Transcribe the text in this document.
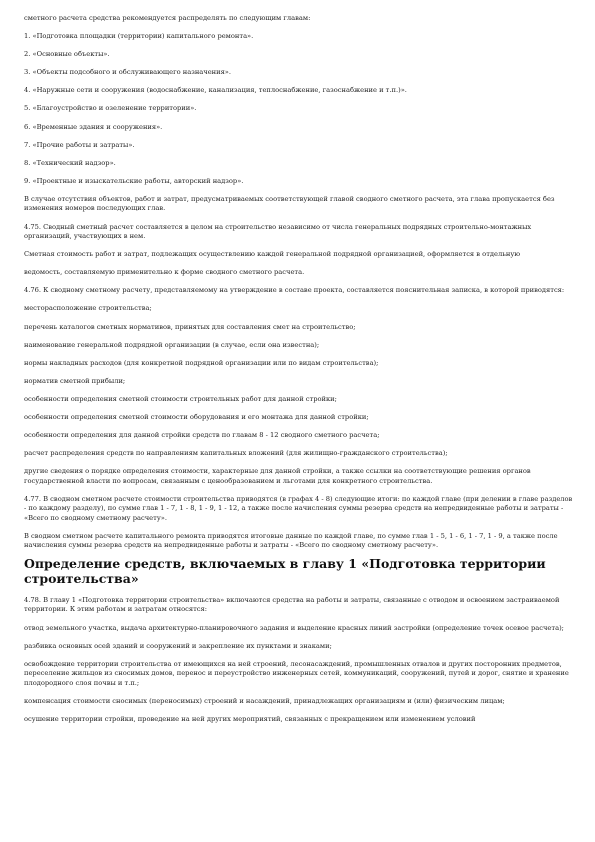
сметного расчета средства рекомендуется распределять по следующим главам:

1. «Подготовка площадки (территории) капитального ремонта».

2. «Основные объекты».

3. «Объекты подсобного и обслуживающего назначения».

4. «Наружные сети и сооружения (водоснабжение, канализация, теплоснабжение, газоснабжение и т.п.)».

5. «Благоустройство и озеленение территории».

6. «Временные здания и сооружения».

7. «Прочие работы и затраты».

8. «Технический надзор».

9. «Проектные и изыскательские работы, авторский надзор».

В случае отсутствия объектов, работ и затрат, предусматриваемых соответствующей главой сводного сметного расчета, эта глава пропускается без изменения номеров последующих глав.

4.75. Сводный сметный расчет составляется в целом на строительство независимо от числа генеральных подрядных строительно-монтажных организаций, участвующих в нем.

Сметная стоимость работ и затрат, подлежащих осуществлению каждой генеральной подрядной организацией, оформляется в отдельную

ведомость, составляемую применительно к форме сводного сметного расчета.

4.76. К сводному сметному расчету, представляемому на утверждение в составе проекта, составляется пояснительная записка, в которой приводятся:

месторасположение строительства;

перечень каталогов сметных нормативов, принятых для составления смет на строительство;

наименование генеральной подрядной организации (в случае, если она известна);

нормы накладных расходов (для конкретной подрядной организации или по видам строительства);

норматив сметной прибыли;

особенности определения сметной стоимости строительных работ для данной стройки;

особенности определения сметной стоимости оборудования и его монтажа для данной стройки;

особенности определения для данной стройки средств по главам 8 - 12 сводного сметного расчета;

расчет распределения средств по направлениям капитальных вложений (для жилищно-гражданского строительства);

другие сведения о порядке определения стоимости, характерные для данной стройки, а также ссылки на соответствующие решения органов государственной власти по вопросам, связанным с ценообразованием и льготами для конкретного строительства.

4.77. В сводном сметном расчете стоимости строительства приводятся (в графах 4 - 8) следующие итоги: по каждой главе (при делении в главе разделов - по каждому разделу), по сумме глав 1 - 7, 1 - 8, 1 - 9, 1 - 12, а также после начисления суммы резерва средств на непредвиденные работы и затраты - «Всего по сводному сметному расчету».

В сводном сметном расчете капитального ремонта приводятся итоговые данные по каждой главе, по сумме глав 1 - 5, 1 - 6, 1 - 7, 1 - 9, а также после начисления суммы резерва средств на непредвиденные работы и затраты - «Всего по сводному сметному расчету».

Определение средств, включаемых в главу 1 «Подготовка территории строительства»

4.78. В главу 1 «Подготовка территории строительства» включаются средства на работы и затраты, связанные с отводом и освоением застраиваемой территории. К этим работам и затратам относятся:

отвод земельного участка, выдача архитектурно-планировочного задания и выделение красных линий застройки (определение точек осевое расчета);

разбивка основных осей зданий и сооружений и закрепление их пунктами и знаками;

освобождение территории строительства от имеющихся на ней строений, лесонасаждений, промышленных отвалов и других посторонних предметов, переселение жильцов из сносимых домов, перенос и переустройство инженерных сетей, коммуникаций, сооружений, путей и дорог, снятие и хранение плодородного слоя почвы и т.п.;

компенсация стоимости сносимых (переносимых) строений и насаждений, принадлежащих организациям и (или) физическим лицам;

осушение территории стройки, проведение на ней других мероприятий, связанных с прекращением или изменением условий
